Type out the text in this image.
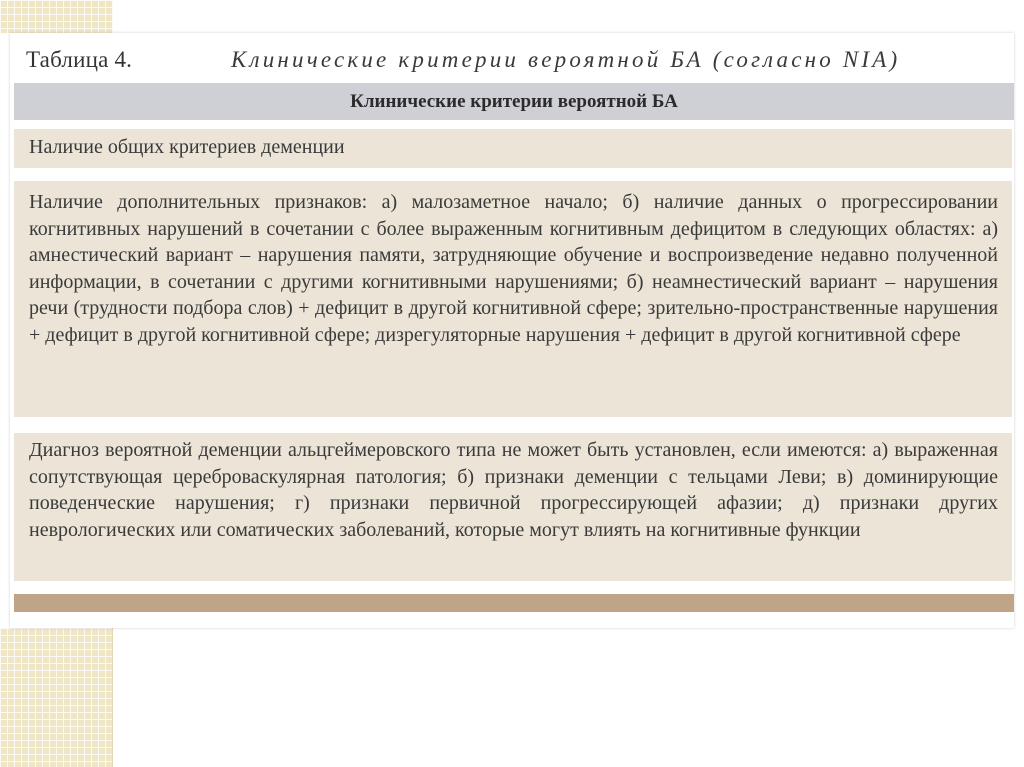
Таблица 4.	Клинические критерии вероятной БА (согласно NIA)
Клинические критерии вероятной БА
Наличие общих критериев деменции
Наличие дополнительных признаков: а) малозаметное начало; б) наличие данных о прогрессировании когнитивных нарушений в сочетании с более выраженным когнитивным дефицитом в следующих областях: а) амнестический вариант – нарушения памяти, затрудняющие обучение и воспроизведение недавно полученной информации, в сочетании с другими когнитивными нарушениями; б) неамнестический вариант – нарушения речи (трудности подбора слов) + дефицит в другой когнитивной сфере; зрительно-пространственные нарушения + дефицит в другой когнитивной сфере; дизрегуляторные нарушения + дефицит в другой когнитивной сфере
Диагноз вероятной деменции альцгеймеровского типа не может быть установлен, если имеются: а) выраженная сопутствующая цереброваскулярная патология; б) признаки деменции с тельцами Леви; в) доминирующие поведенческие нарушения; г) признаки первичной прогрессирующей афазии; д) признаки других неврологических или соматических заболеваний, которые могут влиять на когнитивные функции
